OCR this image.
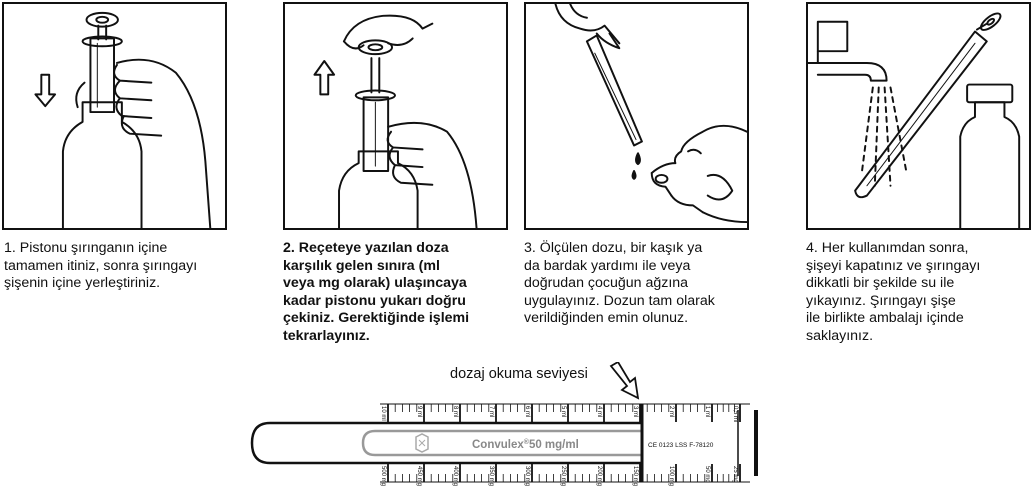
1. Pistonu şırınganın içine
tamamen itiniz, sonra şırıngayı
şişenin içine yerleştiriniz.
2. Reçeteye yazılan doza
karşılık gelen sınıra (ml
veya mg olarak) ulaşıncaya
kadar pistonu yukarı doğru
çekiniz. Gerektiğinde işlemi
tekrarlayınız.
3. Ölçülen dozu, bir kaşık ya
da bardak yardımı ile veya
doğrudan çocuğun ağzına
uygulayınız. Dozun tam olarak
verildiğinden emin olunuz.
4. Her kullanımdan sonra,
şişeyi kapatınız ve şırıngayı
dikkatli bir şekilde su ile
yıkayınız. Şırıngayı şişe
ile birlikte ambalajı içinde
saklayınız.
dozaj okuma seviyesi
Convulex®50 mg/ml	CE 0123 LSS F-78120
10 ml	9 ml	8 ml	7 ml	6 ml	5 ml	4 ml	3 ml	2 ml	1 ml	0,5 ml
500 mg	450 mg	400 mg	350 mg	300 mg	250 mg	200 mg	150 mg	100 mg	50 mg	25 mg
